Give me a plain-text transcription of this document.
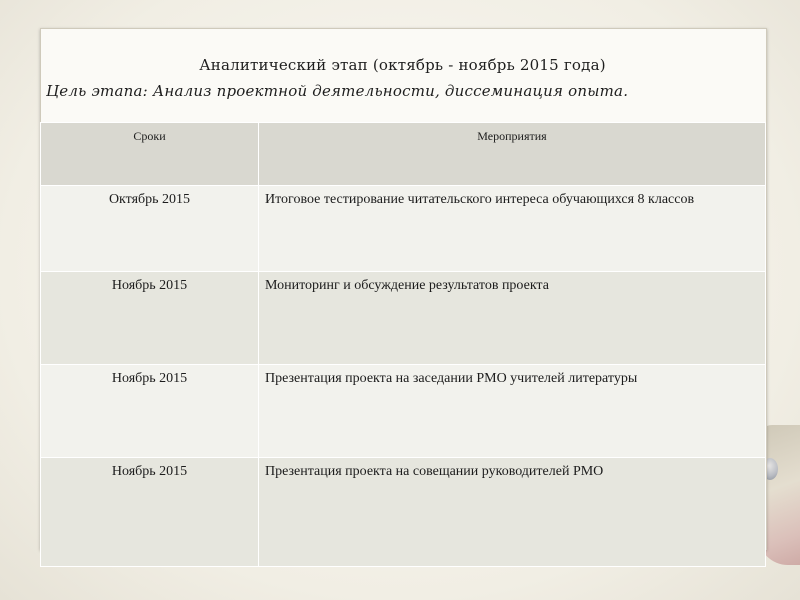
Аналитический этап (октябрь - ноябрь 2015 года)
Цель этапа: Анализ проектной деятельности, диссеминация опыта.
Сроки	Мероприятия
Октябрь 2015	Итоговое тестирование читательского интереса обучающихся 8 классов
Ноябрь 2015	Мониторинг и обсуждение результатов проекта
Ноябрь 2015	Презентация проекта на заседании РМО учителей литературы
Ноябрь 2015	Презентация проекта на совещании руководителей РМО
